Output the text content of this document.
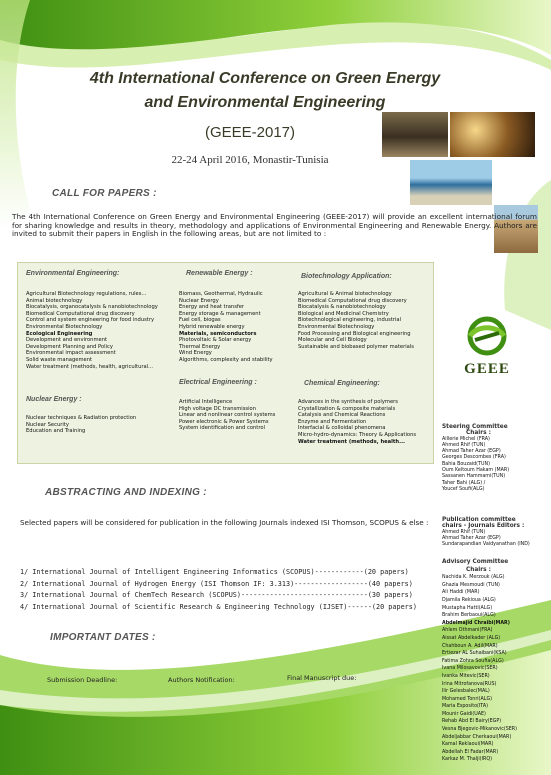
4th International Conference on Green Energy
and Environmental Engineering
(GEEE-2017)
22-24 April 2016, Monastir-Tunisia
CALL FOR PAPERS :
The 4th International Conference on Green Energy and Environmental Engineering (GEEE-2017) will provide an excellent international forum for sharing knowledge and results in theory, methodology and applications of Environmental Engineering and Renewable Energy. Authors are invited to submit their papers in English in the following areas, but are not limited to :
Environmental Engineering:
Agricultural Biotechnology regulations, rules...
Animal biotechnology
Biocatalysis, organocatalysis & nanobiotechnology
Biomedical Computational drug discovery
Control and system engineering for food industry
Environmental Biotechnology
Ecological Engineering
Development and environment
Development Planning and Policy
Environmental impact assessment
Solid waste management
Water treatment (methods, health, agricultural...
Nuclear Energy :
Nuclear techniques & Radiation protection
Nuclear Security
Education and Training
Renewable Energy :
Biomass, Geothermal, Hydraulic
Nuclear Energy
Energy and heat transfer
Energy storage & management
Fuel cell, biogas
Hybrid renewable energy
Materials, semiconductors
Photovoltaic & Solar energy
Thermal Energy
Wind Energy
Algorithms, complexity and stability
Electrical Engineering :
Artificial Intelligence
High voltage DC transmission
Linear and nonlinear control systems
Power electronic & Power Systems
System identification and control
Biotechnology Application:
Agricultural & Animal biotechnology
Biomedical Computational drug discovery
Biocatalysis & nanobiotechnology
Biological and Medicinal Chemistry
Biotechnological engineering, industrial
Environmental Biotechnology
Food Processing and Biological engineering
Molecular and Cell Biology
Sustainable and biobased polymer materials
Chemical Engineering:
Advances in the synthesis of polymers
Crystallization & composite materials
Catalysis and Chemical Reactions
Enzyme and Fermentation
Interfacial & colloidal phenomena
Micro-hydro-dynamics: Theory & Applications
Water treatment (methods, health...
GEEE
ABSTRACTING AND INDEXING :
Selected papers will be considered for publication in the following Journals indexed ISI Thomson, SCOPUS & else :
1/ International Journal of Intelligent Engineering Informatics (SCOPUS)------------(20 papers)
2/ International Journal of Hydrogen Energy (ISI Thomson IF: 3.313)------------------(40 papers)
3/ International Journal of ChemTech Research (SCOPUS)-------------------------------(30 papers)
4/ International Journal of Scientific Research & Engineering Technology (IJSET)------(20 papers)
IMPORTANT DATES :
Submission Deadline:	Authors Notification:	Final Manuscript due:
Steering Committee
Chairs :
Aillerie Michel (FRA)
Ahmed Rhif (TUN)
Ahmad Taher Azar (EGP)
Georges Descombes (FRA)
Bahia Bouzaid(TUN)
Oum Keltoum Hakam (MAR)
Sassanen Hammami(TUN)
Taher Bahi (ALG) /
Youcef Soufi(ALG)
Publication committee
chairs - Journals Editors :
Ahmed Rhif (TUN)
Ahmad Taher Azar (EGP)
Sundarapandian Vaidyanathan (IND)
Advisory Committee
Chairs :
Nachida K. Merzouk (ALG)
Ghazia Mesmoudi (TUN)
Ali Haddi (MAR)
Djamila Rekioua (ALG)
Mustapha Hatti(ALG)
Brahim Berbaoui(ALG)
Abdelmajid Chraibi(MAR)
Ahlem Othmani(FRA)
Aissat Abdelkader (ALG)
Chahboun A. Adil(MAR)
Ertiezar AL Suhaibani(KSA)
Fatima Zohra Soufia(ALG)
Ivana Milosavovic(SER)
Ivanka Mitevic(SER)
Irina Mitrofanova(RUS)
Ilir Gelesbalec(MAL)
Mohamed Tonri(ALG)
Maria Esposito(ITA)
Mounir Gaidi(UAE)
Rehab Abd El Bairy(EGP)
Vesna Bjegovic-Mikanovic(SER)
Abdeljabbar Cherkaoui(MAR)
Kamal Reklaoui(MAR)
Abdellah El Fadar(MAR)
Karkaz M. Thalji(IRQ)
